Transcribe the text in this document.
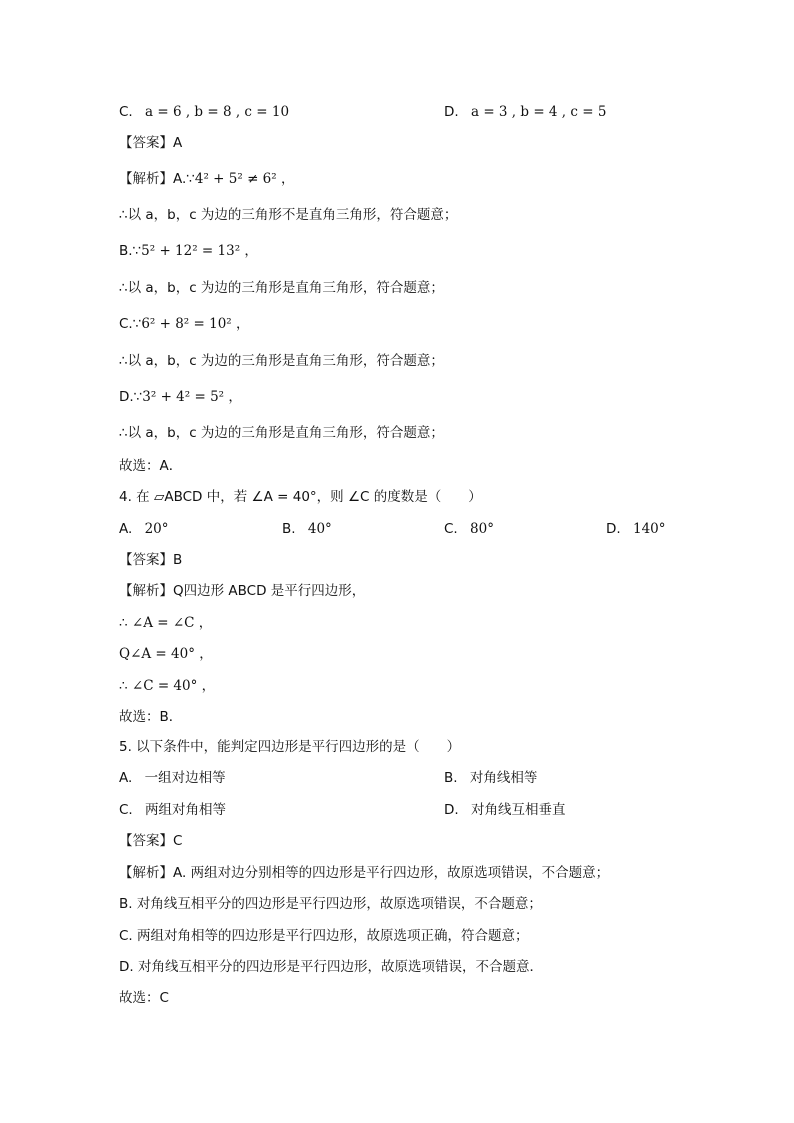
C. a = 6 , b = 8 , c = 10	D. a = 3 , b = 4 , c = 5
【答案】A
【解析】A.∵4² + 5² ≠ 6² ，
∴以 a，b，c 为边的三角形不是直角三角形，符合题意；
B.∵5² + 12² = 13² ，
∴以 a，b，c 为边的三角形是直角三角形，符合题意；
C.∵6² + 8² = 10² ，
∴以 a，b，c 为边的三角形是直角三角形，符合题意；
D.∵3² + 4² = 5² ，
∴以 a，b，c 为边的三角形是直角三角形，符合题意；
故选：A．
4. 在 ▱ABCD 中，若 ∠A = 40°，则 ∠C 的度数是（　　）
A. 20°	B. 40°	C. 80°	D. 140°
【答案】B
【解析】Q四边形 ABCD 是平行四边形，
∴ ∠A = ∠C ，
Q∠A = 40° ，
∴ ∠C = 40° ，
故选：B．
5. 以下条件中，能判定四边形是平行四边形的是（　　）
A. 一组对边相等	B. 对角线相等
C. 两组对角相等	D. 对角线互相垂直
【答案】C
【解析】A. 两组对边分别相等的四边形是平行四边形，故原选项错误，不合题意；
B. 对角线互相平分的四边形是平行四边形，故原选项错误，不合题意；
C. 两组对角相等的四边形是平行四边形，故原选项正确，符合题意；
D. 对角线互相平分的四边形是平行四边形，故原选项错误，不合题意．
故选：C
